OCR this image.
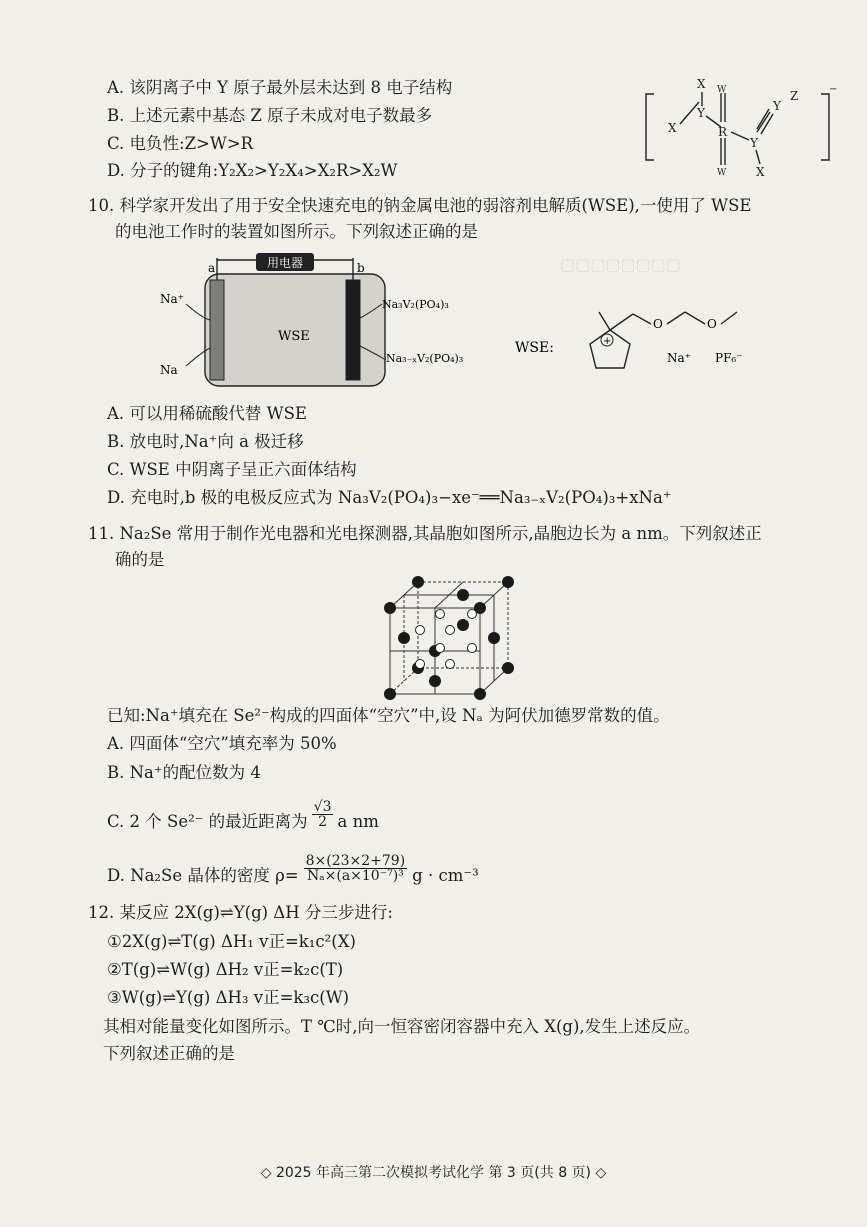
▢▢▢▢▢▢▢▢
A. 该阴离子中 Y 原子最外层未达到 8 电子结构
B. 上述元素中基态 Z 原子未成对电子数最多
C. 电负性:Z>W>R
D. 分子的键角:Y₂X₂>Y₂X₄>X₂R>X₂W
X
X
Y
R
W
W
Y
Y
Z
X
−
10. 科学家开发出了用于安全快速充电的钠金属电池的弱溶剂电解质(WSE),一使用了 WSE
的电池工作时的装置如图所示。下列叙述正确的是
用电器
a	b
WSE
Na⁺
Na
Na₃V₂(PO₄)₃
Na₃₋ₓV₂(PO₄)₃
WSE:	+
O	O
Na⁺ PF₆⁻
A. 可以用稀硫酸代替 WSE
B. 放电时,Na⁺向 a 极迁移
C. WSE 中阴离子呈正六面体结构
D. 充电时,b 极的电极反应式为 Na₃V₂(PO₄)₃−xe⁻══Na₃₋ₓV₂(PO₄)₃+xNa⁺
11. Na₂Se 常用于制作光电器和光电探测器,其晶胞如图所示,晶胞边长为 a nm。下列叙述正
确的是
已知:Na⁺填充在 Se²⁻构成的四面体“空穴”中,设 Nₐ 为阿伏加德罗常数的值。
A. 四面体“空穴”填充率为 50%
B. Na⁺的配位数为 4
C. 2 个 Se²⁻ 的最近距离为 $\frac{√3}{2}$ a nm
D. Na₂Se 晶体的密度 $\rho= \frac{8\times(23\times 2+79)}{\text{Nₐ×(a×10⁻⁷)³}}$ g · cm⁻³
12. 某反应 2X(g)⇌Y(g) ΔH 分三步进行:
①2X(g)⇌T(g) ΔH₁ v正=k₁c²(X)
②T(g)⇌W(g) ΔH₂ v正=k₂c(T)
③W(g)⇌Y(g) ΔH₃ v正=k₃c(W)
其相对能量变化如图所示。T ℃时,向一恒容密闭容器中充入 X(g),发生上述反应。
下列叙述正确的是
◇ 2025 年高三第二次模拟考试化学 第 3 页(共 8 页) ◇
